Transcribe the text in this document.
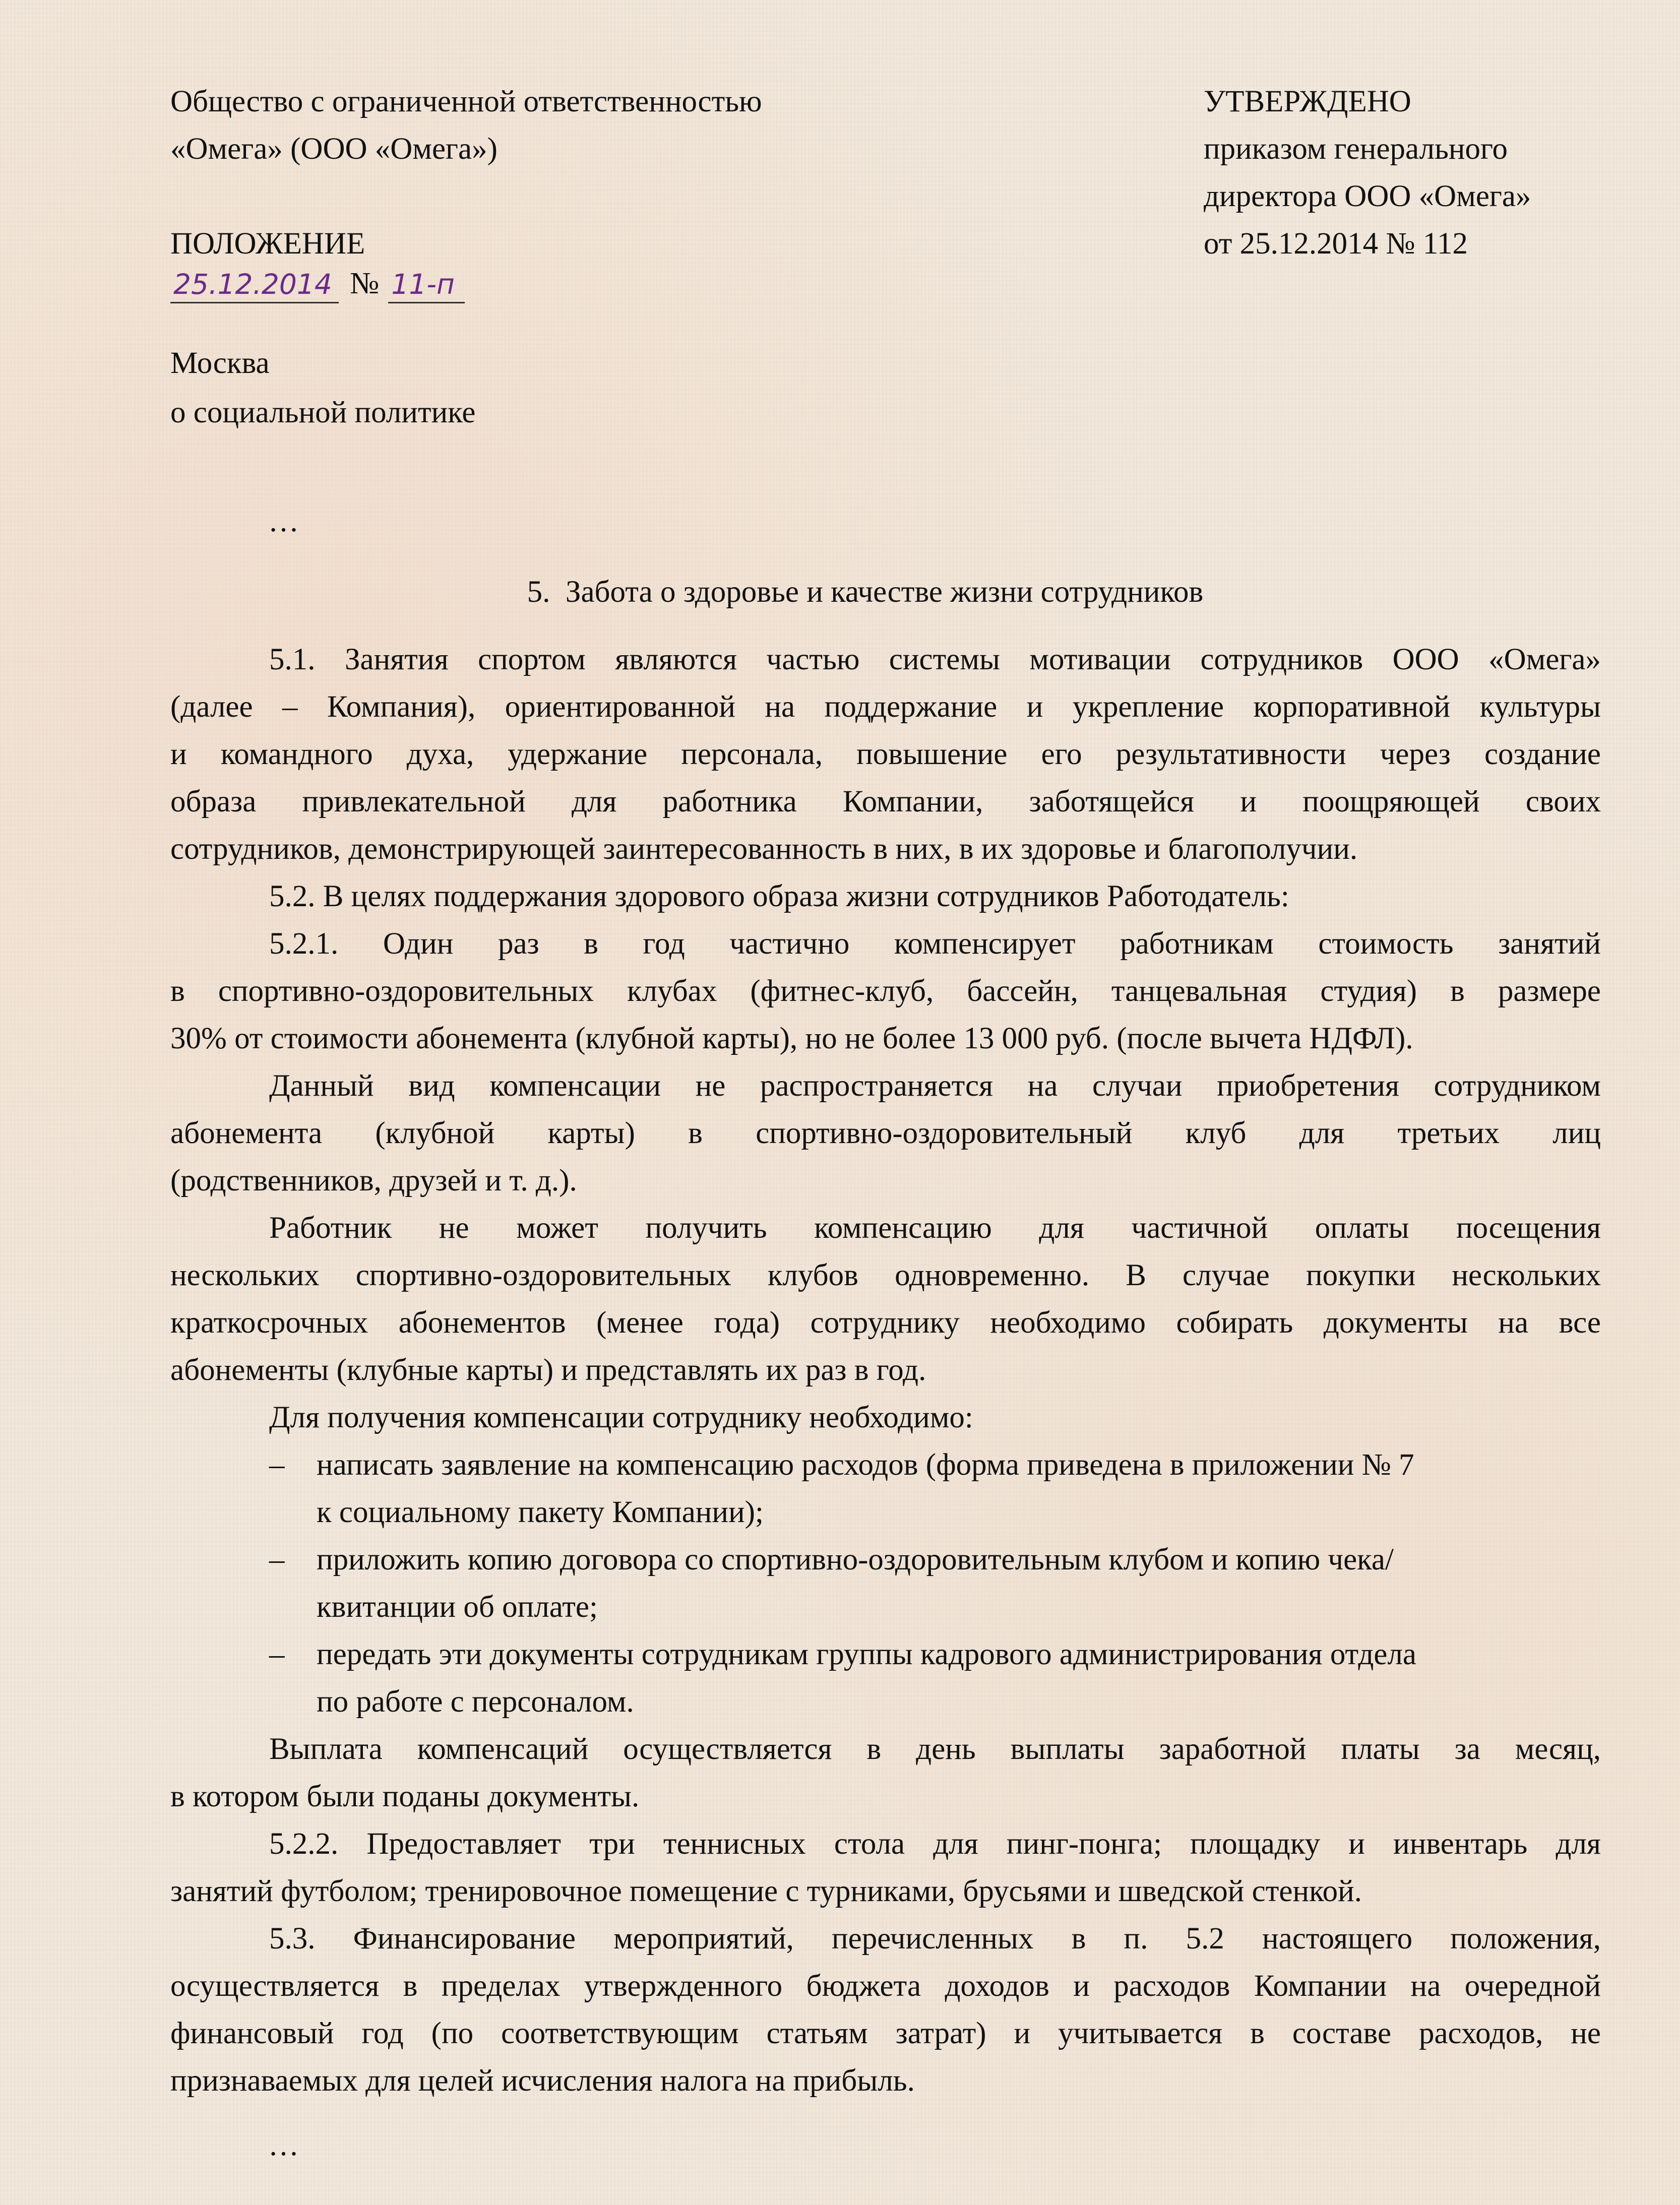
Общество с ограниченной ответственностью
«Омега» (ООО «Омега»)
ПОЛОЖЕНИЕ
25.12.2014 № 11-п
УТВЕРЖДЕНО
приказом генерального
директора ООО «Омега»
от 25.12.2014 № 112
Москва
о социальной политике
…
5. Забота о здоровье и качестве жизни сотрудников
5.1. Занятия спортом являются частью системы мотивации сотрудников ООО «Омега»
(далее – Компания), ориентированной на поддержание и укрепление корпоративной культуры
и командного духа, удержание персонала, повышение его результативности через создание
образа привлекательной для работника Компании, заботящейся и поощряющей своих
сотрудников, демонстрирующей заинтересованность в них, в их здоровье и благополучии.
5.2. В целях поддержания здорового образа жизни сотрудников Работодатель:
5.2.1. Один раз в год частично компенсирует работникам стоимость занятий
в спортивно-оздоровительных клубах (фитнес-клуб, бассейн, танцевальная студия) в размере
30% от стоимости абонемента (клубной карты), но не более 13 000 руб. (после вычета НДФЛ).
Данный вид компенсации не распространяется на случаи приобретения сотрудником
абонемента (клубной карты) в спортивно-оздоровительный клуб для третьих лиц
(родственников, друзей и т. д.).
Работник не может получить компенсацию для частичной оплаты посещения
нескольких спортивно-оздоровительных клубов одновременно. В случае покупки нескольких
краткосрочных абонементов (менее года) сотруднику необходимо собирать документы на все
абонементы (клубные карты) и представлять их раз в год.
Для получения компенсации сотруднику необходимо:
– написать заявление на компенсацию расходов (форма приведена в приложении № 7
к социальному пакету Компании);
– приложить копию договора со спортивно-оздоровительным клубом и копию чека/
квитанции об оплате;
– передать эти документы сотрудникам группы кадрового администрирования отдела
по работе с персоналом.
Выплата компенсаций осуществляется в день выплаты заработной платы за месяц,
в котором были поданы документы.
5.2.2. Предоставляет три теннисных стола для пинг-понга; площадку и инвентарь для
занятий футболом; тренировочное помещение с турниками, брусьями и шведской стенкой.
5.3. Финансирование мероприятий, перечисленных в п. 5.2 настоящего положения,
осуществляется в пределах утвержденного бюджета доходов и расходов Компании на очередной
финансовый год (по соответствующим статьям затрат) и учитывается в составе расходов, не
признаваемых для целей исчисления налога на прибыль.
…
